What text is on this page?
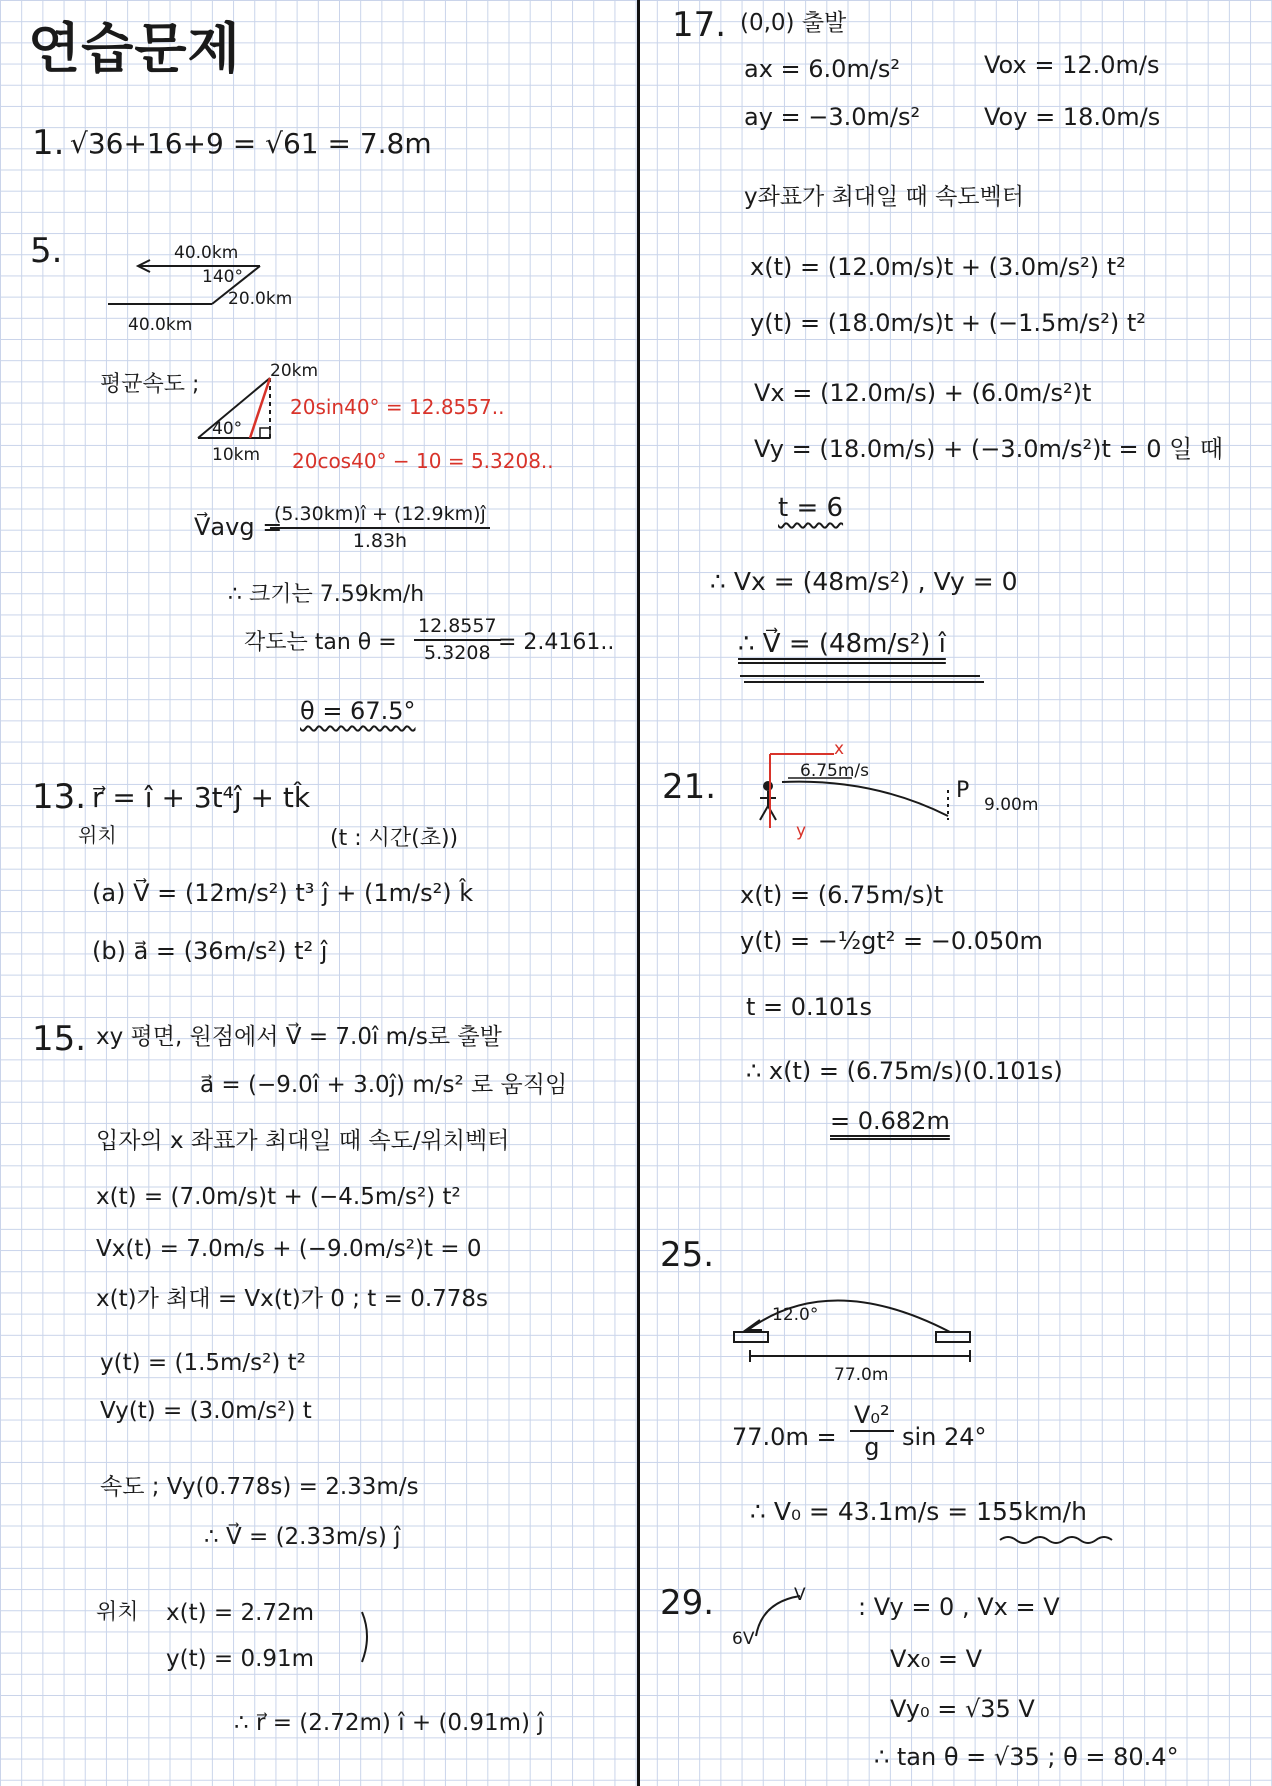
연습문제
1. √36+16+9 = √61 = 7.8m
5.	40.0km
140°
20.0km
40.0km
평균속도 ;
20km
40°
10km
20sin40° = 12.8557..
20cos40° − 10 = 5.3208..
V⃗avg =
$\frac{(5.30km)î + (12.9km)ĵ}{1.83h}$
∴ 크기는 7.59km/h
각도는 $\tan \theta = \frac{12.8557}{5.3208}$
= 2.4161..
θ = 67.5°
13. r⃗ = î + 3t⁴ĵ + tk̂
위치	(t : 시간(초))
(a) V⃗ = (12m/s²) t³ ĵ + (1m/s²) k̂
(b) a⃗ = (36m/s²) t² ĵ
15. xy 평면, 원점에서 V⃗ = 7.0î m/s로 출발
a⃗ = (−9.0î + 3.0ĵ) m/s² 로 움직임
입자의 x 좌표가 최대일 때 속도/위치벡터
x(t) = (7.0m/s)t + (−4.5m/s²) t²
Vx(t) = 7.0m/s + (−9.0m/s²)t = 0
x(t)가 최대 = Vx(t)가 0 ; t = 0.778s
y(t) = (1.5m/s²) t²
Vy(t) = (3.0m/s²) t
속도 ; Vy(0.778s) = 2.33m/s
∴ V⃗ = (2.33m/s) ĵ
위치 x(t) = 2.72m
y(t) = 0.91m
∴ r⃗ = (2.72m) î + (0.91m) ĵ
17. (0,0) 출발
ax = 6.0m/s²	Vox = 12.0m/s
ay = −3.0m/s²	Voy = 18.0m/s
y좌표가 최대일 때 속도벡터
x(t) = (12.0m/s)t + (3.0m/s²) t²
y(t) = (18.0m/s)t + (−1.5m/s²) t²
Vx = (12.0m/s) + (6.0m/s²)t
Vy = (18.0m/s) + (−3.0m/s²)t = 0 일 때
t = 6
∴ Vx = (48m/s²) , Vy = 0
∴ V⃗ = (48m/s²) î
21.
x
y
6.75m/s
P
9.00m
x(t) = (6.75m/s)t
y(t) = −½gt² = −0.050m
t = 0.101s
∴ x(t) = (6.75m/s)(0.101s)
= 0.682m
25.
12.0°
77.0m
$77.0m = \frac{\text{V₀²}}{g}$ sin 24°
∴ V₀ = 43.1m/s = 155km/h
29.	V
6V
: Vy = 0 , Vx = V
Vx₀ = V
Vy₀ = √35 V
∴ tan θ = √35 ; θ = 80.4°
